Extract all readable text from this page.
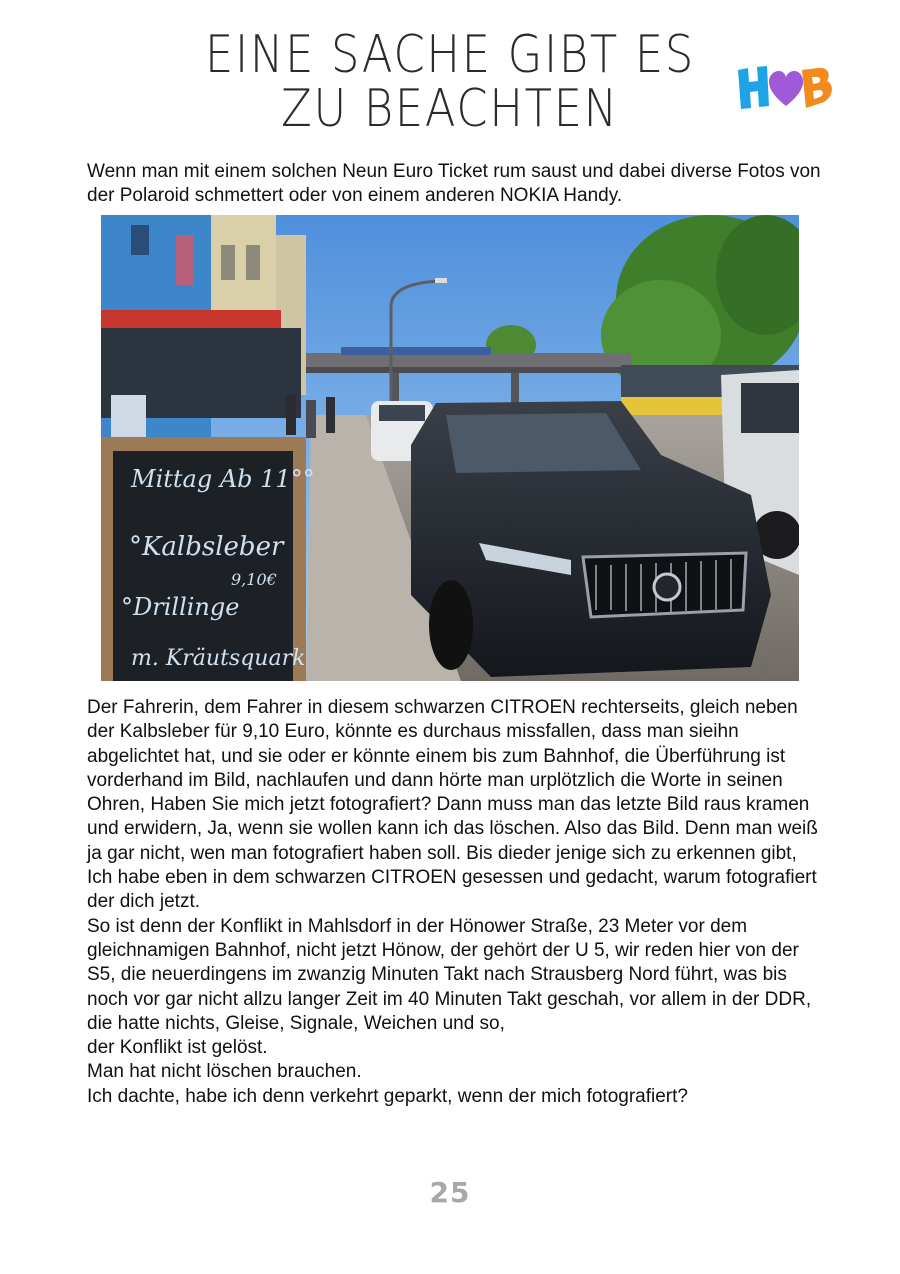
EINE SACHE GIBT ES
ZU BEACHTEN

Wenn man mit einem solchen Neun Euro Ticket rum saust und dabei diverse Fotos von der Polaroid schmettert oder von einem anderen NOKIA Handy.

Mittag Ab 11°°
°Kalbsleber
9,10€
°Drillinge
m. Kräutsquark
Der Fahrerin, dem Fahrer in diesem schwarzen CITROEN rechterseits, gleich neben der Kalbsleber für 9,10 Euro, könnte es durchaus missfallen, dass man sieihn abgelichtet hat, und sie oder er könnte einem bis zum Bahnhof, die Überführung ist vorderhand im Bild, nachlaufen und dann hörte man urplötzlich die Worte in seinen Ohren, Haben Sie mich jetzt fotografiert? Dann muss man das letzte Bild raus kramen und erwidern, Ja, wenn sie wollen kann ich das löschen. Also das Bild. Denn man weiß ja gar nicht, wen man fotografiert haben soll. Bis dieder jenige sich zu erkennen gibt, Ich habe eben in dem schwarzen CITROEN gesessen und gedacht, warum fotografiert der dich jetzt.
So ist denn der Konflikt in Mahlsdorf in der Hönower Straße, 23 Meter vor dem gleichnamigen Bahnhof, nicht jetzt Hönow, der gehört der U 5, wir reden hier von der S5, die neuerdingens im zwanzig Minuten Takt nach Strausberg Nord führt, was bis noch vor gar nicht allzu langer Zeit im 40 Minuten Takt geschah, vor allem in der DDR, die hatte nichts, Gleise, Signale, Weichen und so,
der Konflikt ist gelöst.
Man hat nicht löschen brauchen.
Ich dachte, habe ich denn verkehrt geparkt, wenn der mich fotografiert?
25
